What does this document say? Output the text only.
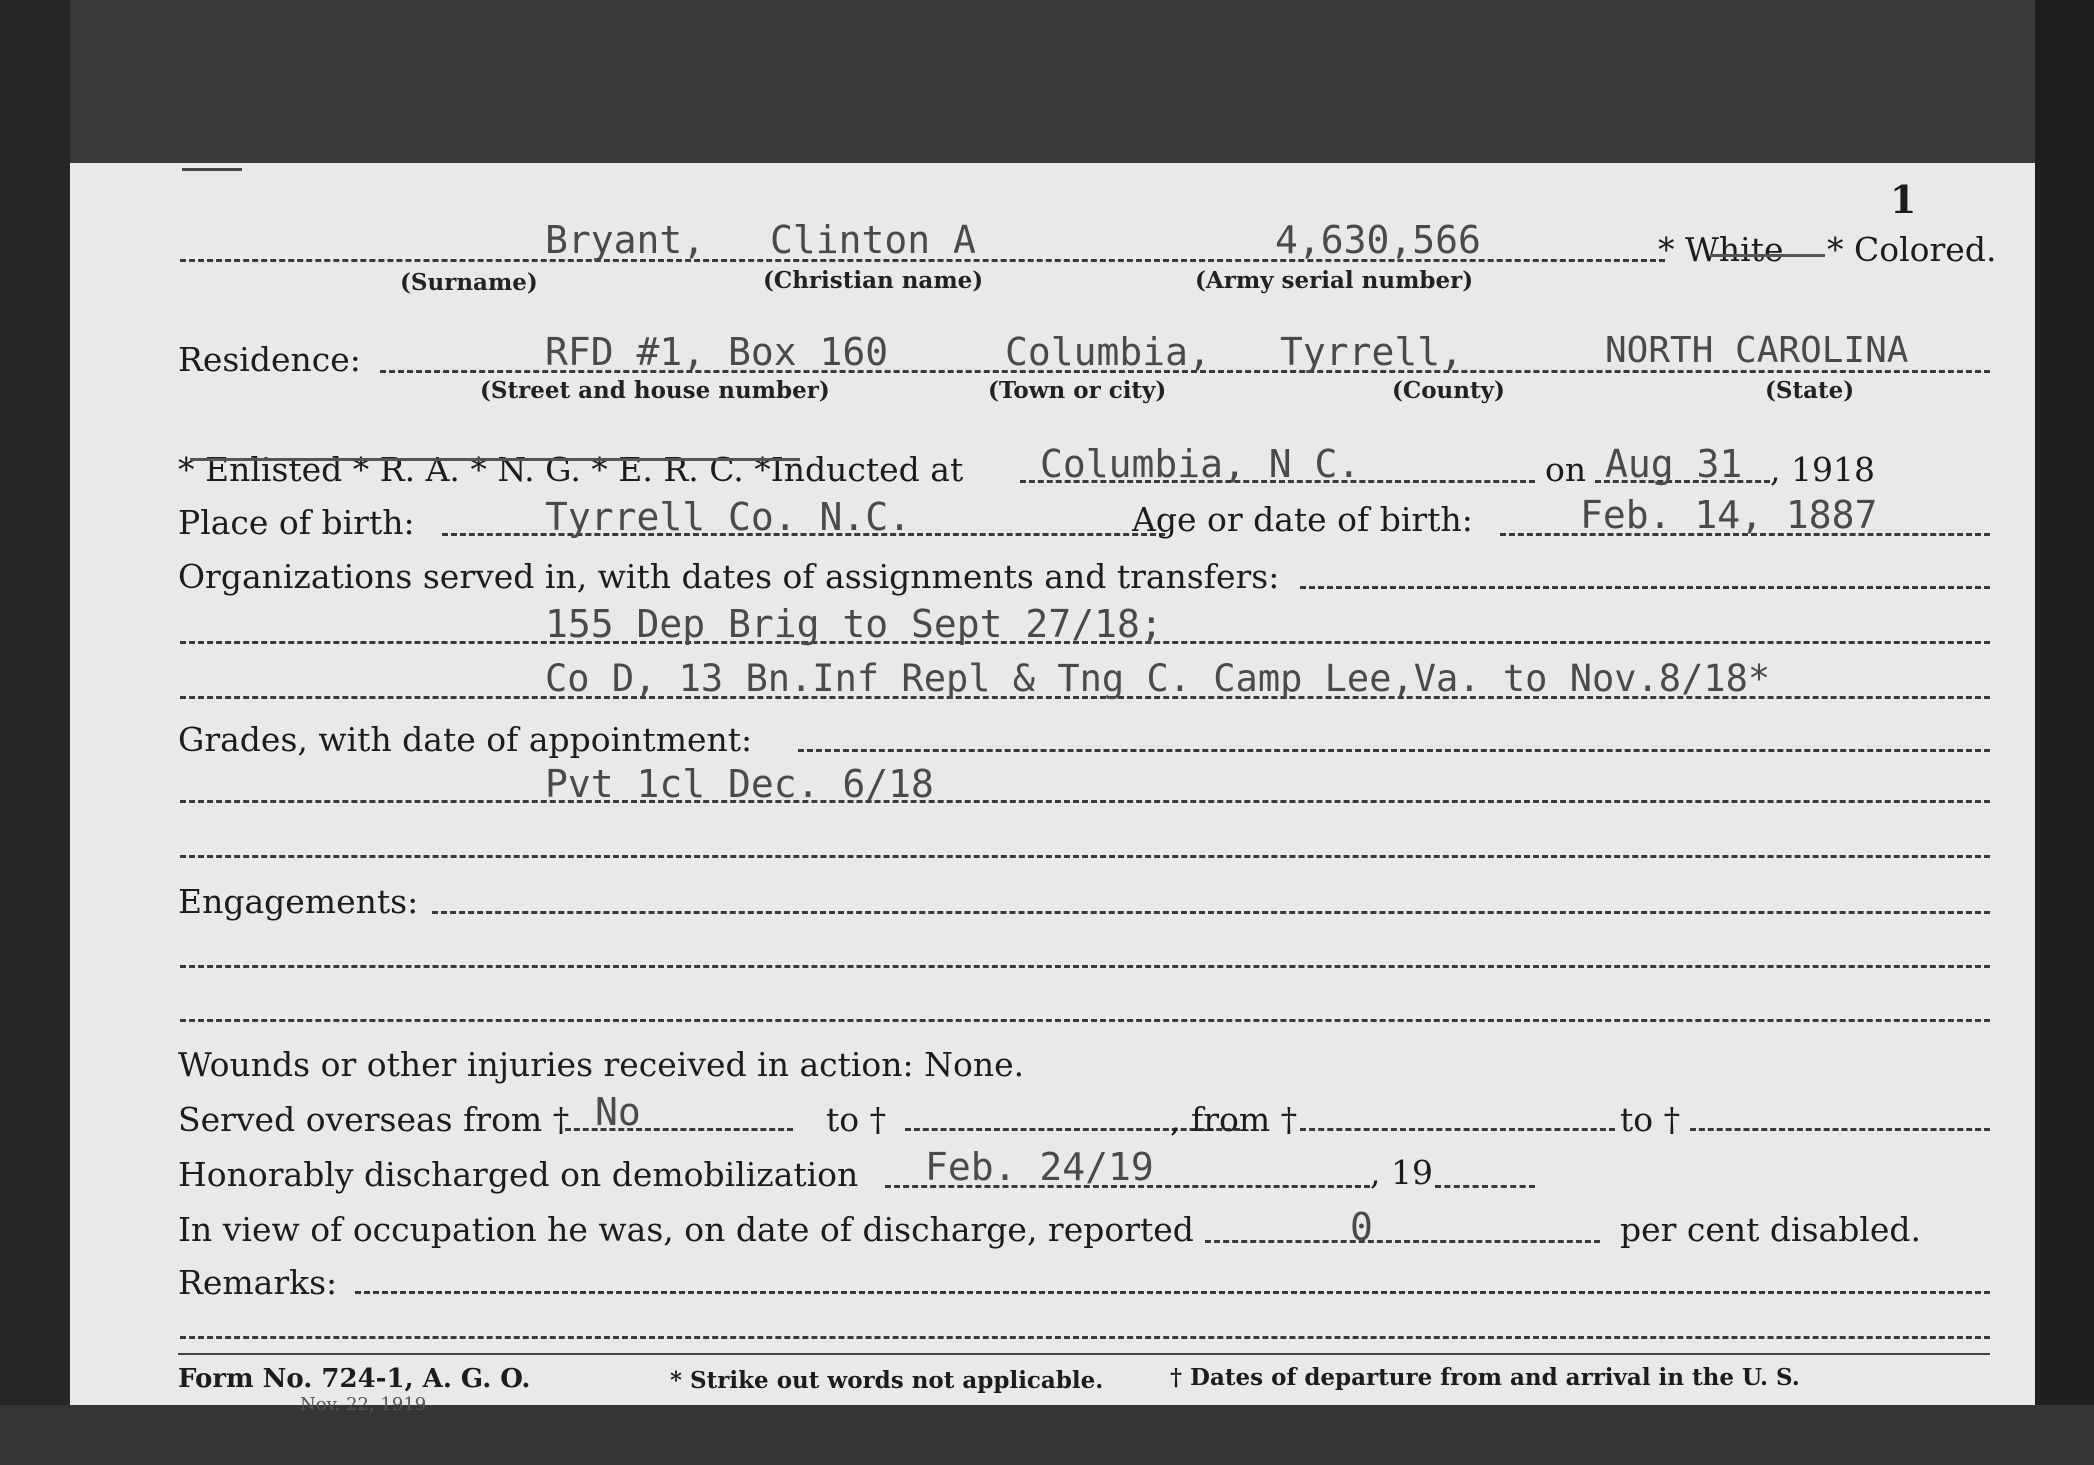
1
Bryant, Clinton A	4,630,566	* White * Colored.
(Surname)	(Christian name)	(Army serial number)
Residence:	RFD #1, Box 160	Columbia, Tyrrell,	NORTH CAROLINA
(Street and house number)	(Town or city)	(County)	(State)
* Enlisted * R. A. * N. G. * E. R. C. *Inducted at Columbia, N C.	on Aug 31 , 1918
Place of birth:	Tyrrell Co. N.C.	Age or date of birth:	Feb. 14, 1887
Organizations served in, with dates of assignments and transfers:
155 Dep Brig to Sept 27/18;
Co D, 13 Bn.Inf Repl & Tng C. Camp Lee,Va. to Nov.8/18*
Grades, with date of appointment:
Pvt 1cl Dec. 6/18
Engagements:
Wounds or other injuries received in action: None.
Served overseas from † No	to †	, from †	to †
Honorably discharged on demobilization Feb. 24/19	, 19
In view of occupation he was, on date of discharge, reported	0	per cent disabled.
Remarks:
Form No. 724-1, A. G. O.
Nov. 22, 1919
* Strike out words not applicable.	† Dates of departure from and arrival in the U. S.
